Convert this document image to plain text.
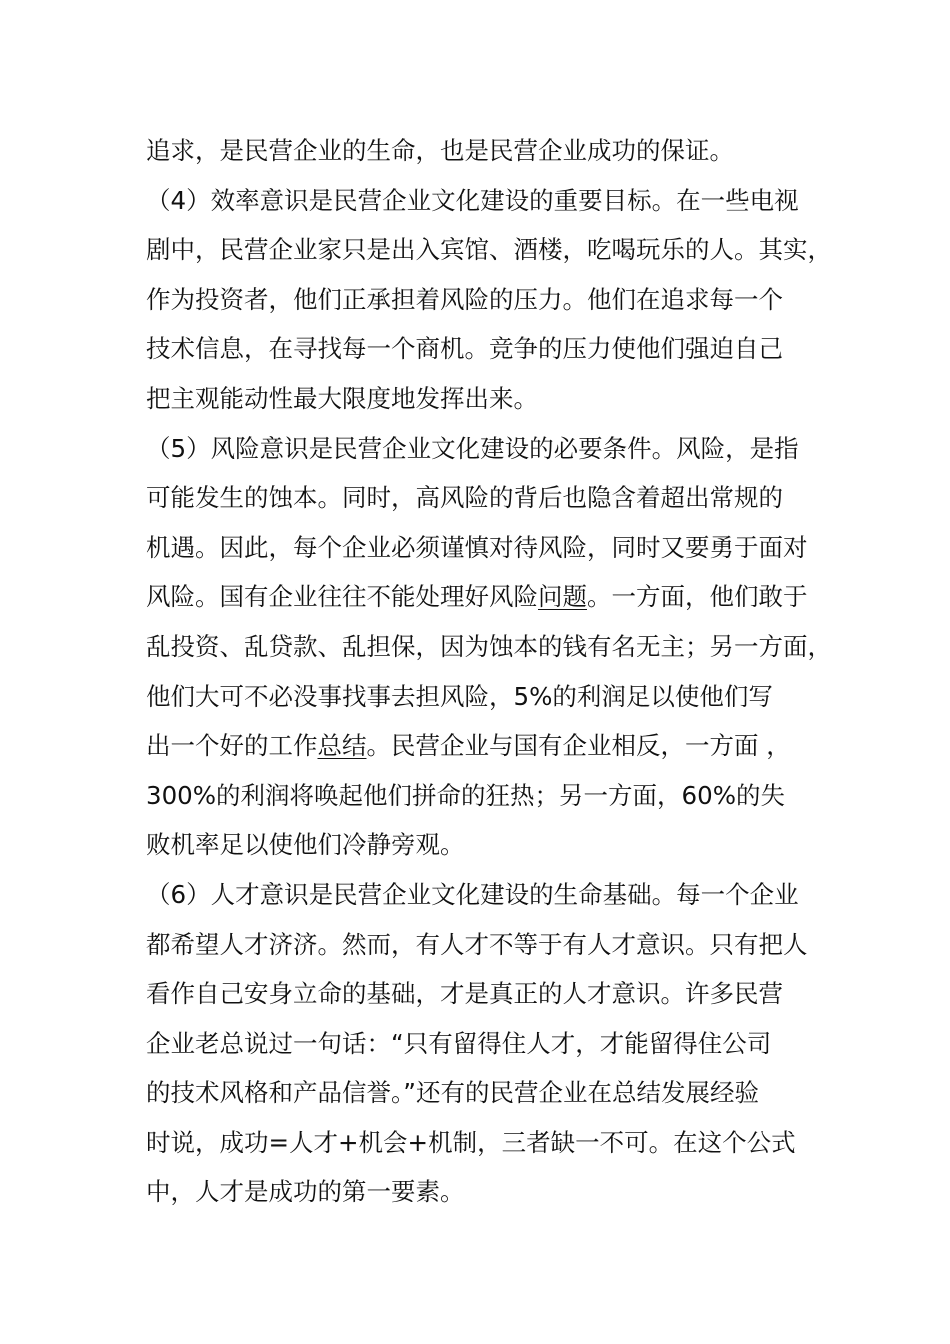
追求，是民营企业的生命，也是民营企业成功的保证。
（4）效率意识是民营企业文化建设的重要目标。在一些电视
剧中，民营企业家只是出入宾馆、酒楼，吃喝玩乐的人。其实，
作为投资者，他们正承担着风险的压力。他们在追求每一个
技术信息，在寻找每一个商机。竞争的压力使他们强迫自己
把主观能动性最大限度地发挥出来。
（5）风险意识是民营企业文化建设的必要条件。风险，是指
可能发生的蚀本。同时，高风险的背后也隐含着超出常规的
机遇。因此，每个企业必须谨慎对待风险，同时又要勇于面对
风险。国有企业往往不能处理好风险问题。一方面，他们敢于
乱投资、乱贷款、乱担保，因为蚀本的钱有名无主；另一方面，
他们大可不必没事找事去担风险，5%的利润足以使他们写
出一个好的工作总结。民营企业与国有企业相反，一方面 ，
300%的利润将唤起他们拼命的狂热；另一方面，60%的失
败机率足以使他们冷静旁观。
（6）人才意识是民营企业文化建设的生命基础。每一个企业
都希望人才济济。然而，有人才不等于有人才意识。只有把人
看作自己安身立命的基础，才是真正的人才意识。许多民营
企业老总说过一句话：“只有留得住人才，才能留得住公司
的技术风格和产品信誉。”还有的民营企业在总结发展经验
时说，成功=人才+机会+机制，三者缺一不可。在这个公式
中，人才是成功的第一要素。
